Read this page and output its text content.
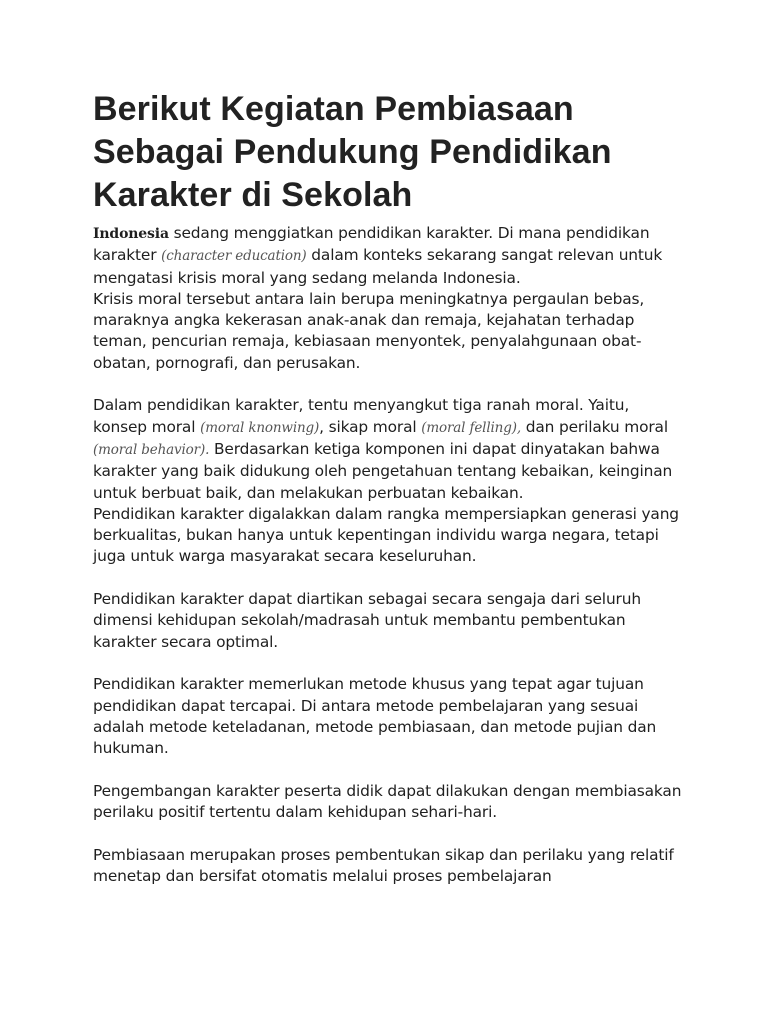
Berikut Kegiatan Pembiasaan Sebagai Pendukung Pendidikan Karakter di Sekolah

Indonesia sedang menggiatkan pendidikan karakter. Di mana pendidikan karakter (character education) dalam konteks sekarang sangat relevan untuk mengatasi krisis moral yang sedang melanda Indonesia.

Krisis moral tersebut antara lain berupa meningkatnya pergaulan bebas, maraknya angka kekerasan anak-anak dan remaja, kejahatan terhadap teman, pencurian remaja, kebiasaan menyontek, penyalahgunaan obat-obatan, pornografi, dan perusakan.

Dalam pendidikan karakter, tentu menyangkut tiga ranah moral. Yaitu, konsep moral (moral knonwing), sikap moral (moral felling), dan perilaku moral (moral behavior). Berdasarkan ketiga komponen ini dapat dinyatakan bahwa karakter yang baik didukung oleh pengetahuan tentang kebaikan, keinginan untuk berbuat baik, dan melakukan perbuatan kebaikan.

Pendidikan karakter digalakkan dalam rangka mempersiapkan generasi yang berkualitas, bukan hanya untuk kepentingan individu warga negara, tetapi juga untuk warga masyarakat secara keseluruhan.

Pendidikan karakter dapat diartikan sebagai secara sengaja dari seluruh dimensi kehidupan sekolah/madrasah untuk membantu pembentukan karakter secara optimal.

Pendidikan karakter memerlukan metode khusus yang tepat agar tujuan pendidikan dapat tercapai. Di antara metode pembelajaran yang sesuai adalah metode keteladanan, metode pembiasaan, dan metode pujian dan hukuman.

Pengembangan karakter peserta didik dapat dilakukan dengan membiasakan perilaku positif tertentu dalam kehidupan sehari-hari.

Pembiasaan merupakan proses pembentukan sikap dan perilaku yang relatif menetap dan bersifat otomatis melalui proses pembelajaran
